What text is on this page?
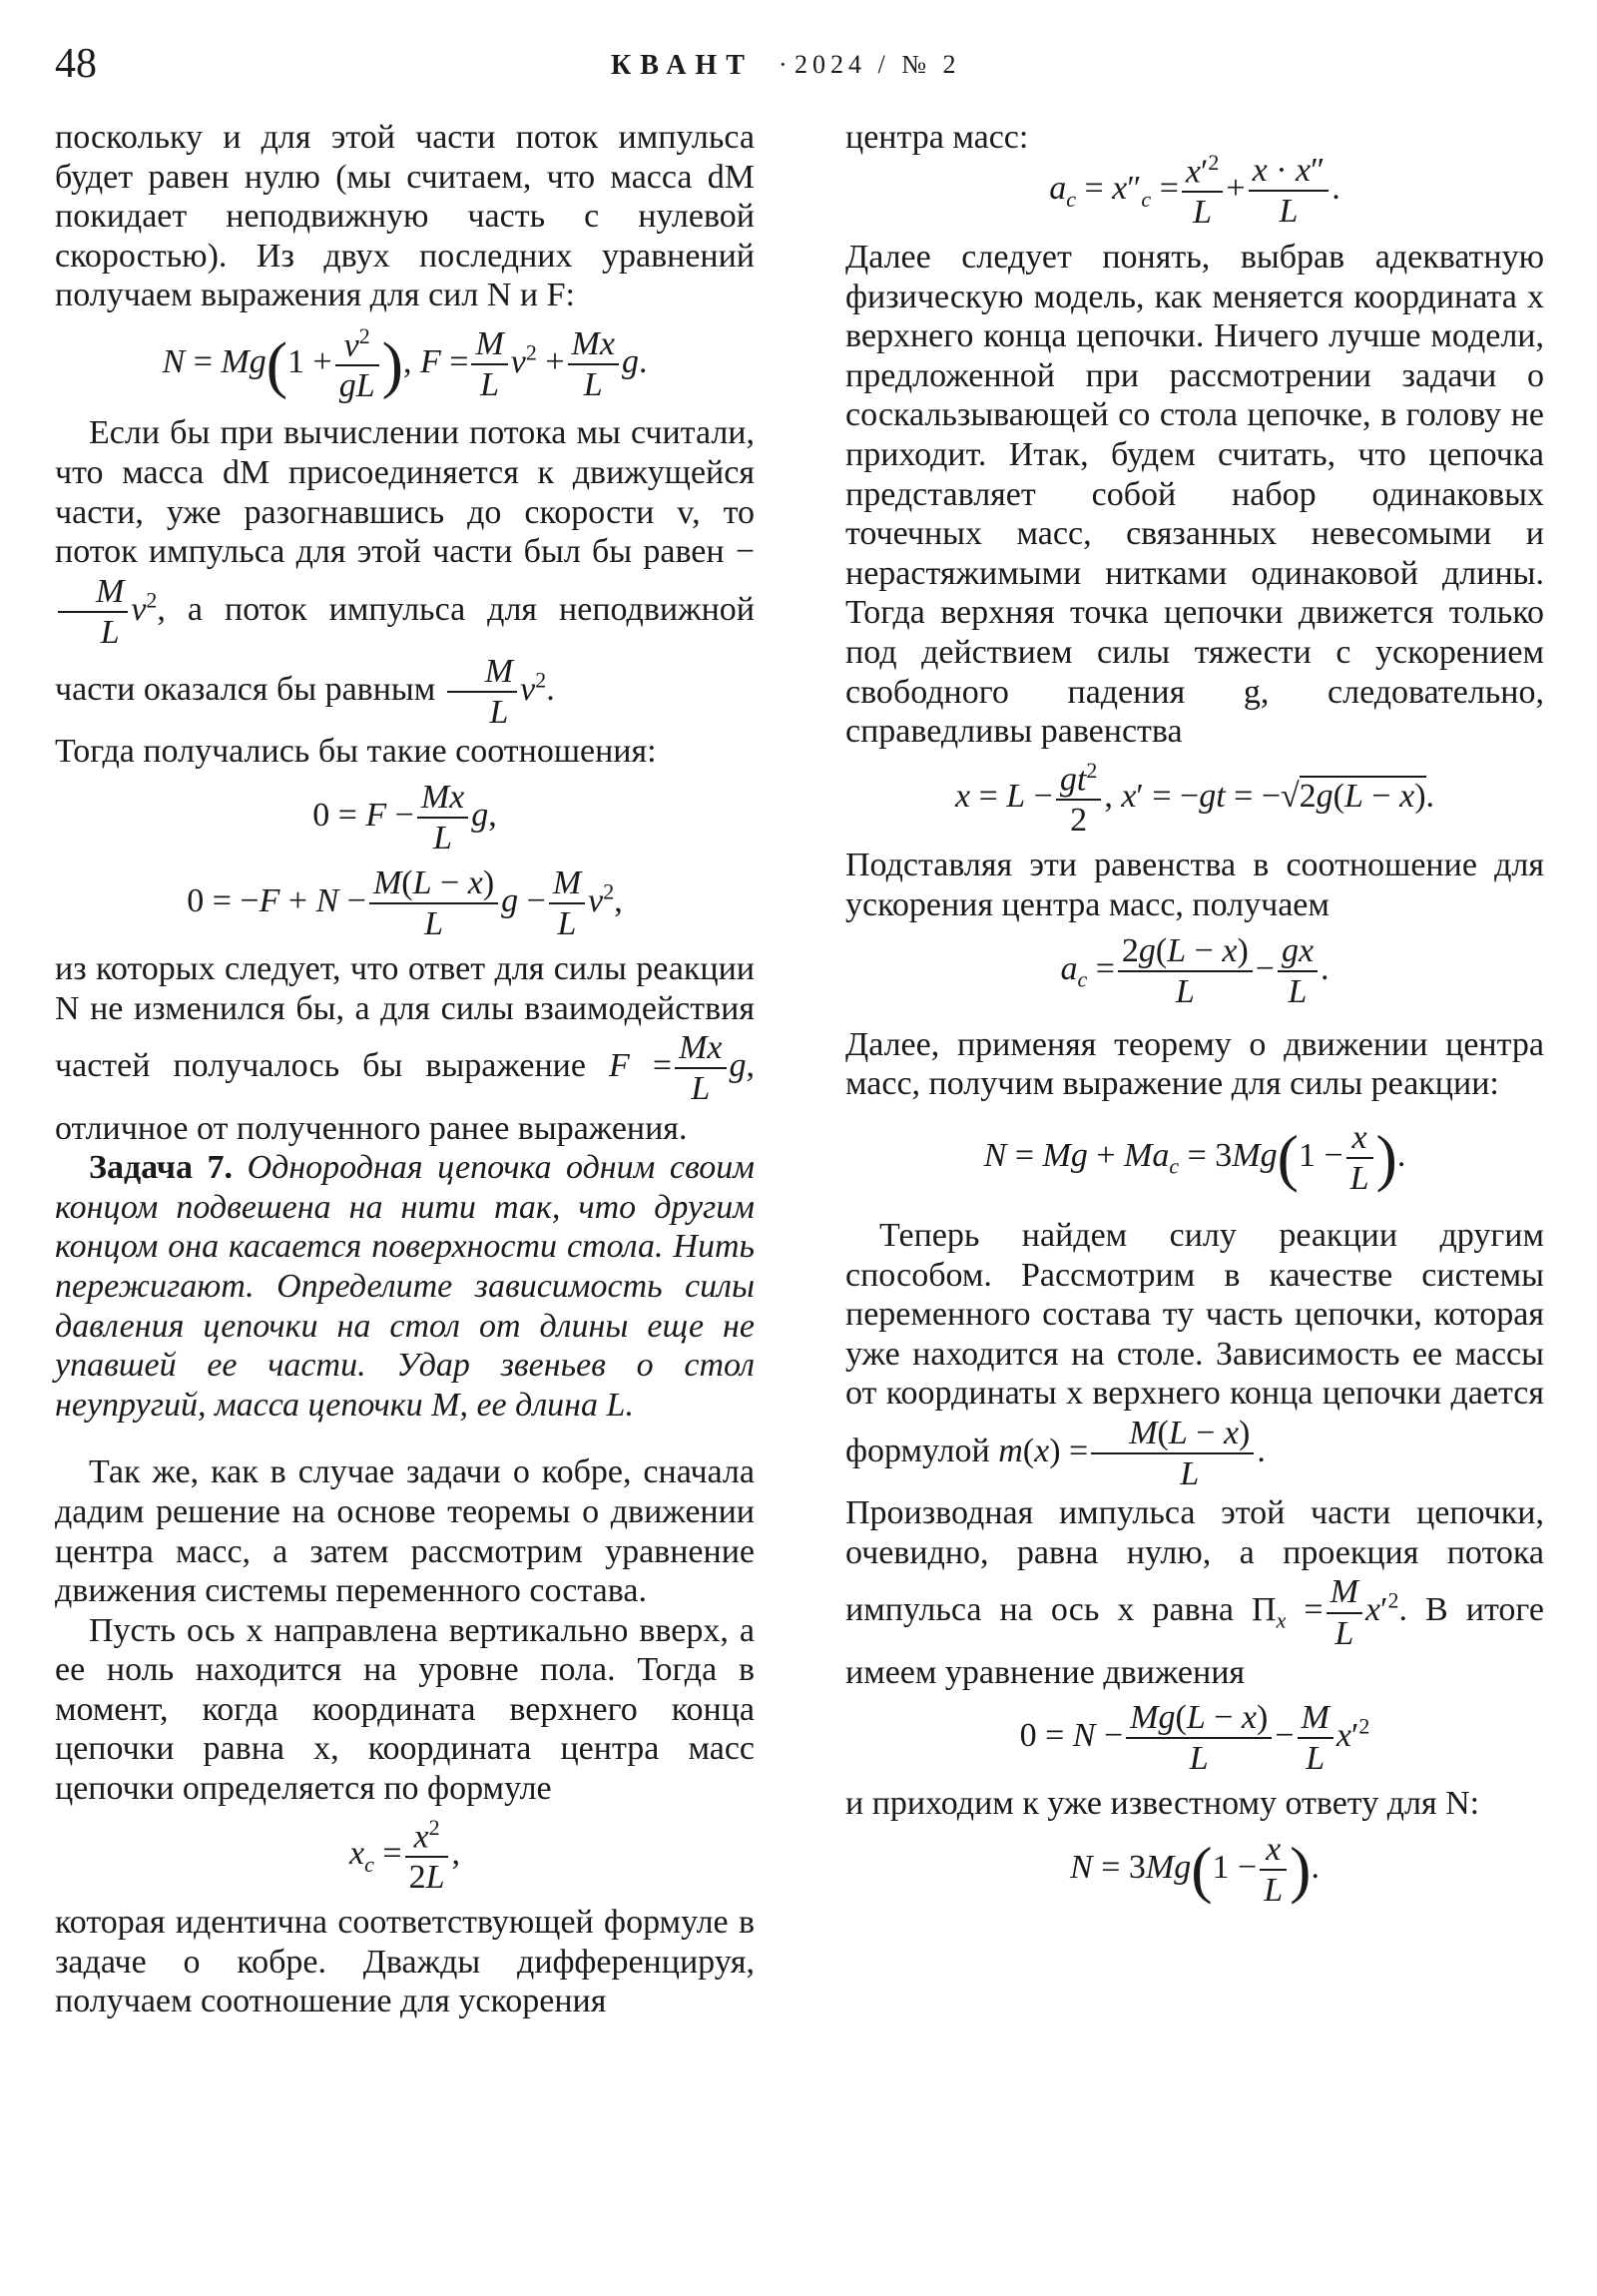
48	КВАНТ · 2024 / № 2

поскольку и для этой части поток импульса будет равен нулю (мы считаем, что масса dM покидает неподвижную часть с нулевой скоростью). Из двух последних уравнений получаем выражения для сил N и F:

$N = Mg(1 + \frac{v^2}{gL}$ ), $F = \frac{M}{L} v^2 + \frac{Mx}{L} g$.

Если бы при вычислении потока мы считали, что масса dM присоединяется к движущейся части, уже разогнавшись до скорости v, то поток импульса для этой части был бы равен −
$\frac{M}{L} v^2$, а поток импульса для неподвижной части оказался бы равным $\frac{M}{L} v^2$.

Тогда получались бы такие соотношения:

$0 = F - \frac{Mx}{L} g$,
$0 = -F + N - \frac{M(L - x)}{L}$ $g - \frac{M}{L} v^2$,

из которых следует, что ответ для силы реакции N не изменился бы, а для силы взаимодействия частей получалось бы выражение $F = \frac{Mx}{L} g$, отличное от полученного ранее выражения.

Задача 7. Однородная цепочка одним своим концом подвешена на нити так, что другим концом она касается поверхности стола. Нить пережигают. Определите зависимость силы давления цепочки на стол от длины еще не упавшей ее части. Удар звеньев о стол неупругий, масса цепочки M, ее длина L.

Так же, как в случае задачи о кобре, сначала дадим решение на основе теоремы о движении центра масс, а затем рассмотрим уравнение движения системы переменного состава.

Пусть ось x направлена вертикально вверх, а ее ноль находится на уровне пола. Тогда в момент, когда координата верхнего конца цепочки равна x, координата центра масс цепочки определяется по формуле

$x_c = \frac{x^2}{2L}$ ,

которая идентична соответствующей формуле в задаче о кобре. Дважды дифференцируя, получаем соотношение для ускорения

центра масс:

$a_c = x''_c = \frac{x'^2}{L} + \frac{x \cdot x''}{L}$ .

Далее следует понять, выбрав адекватную физическую модель, как меняется координата x верхнего конца цепочки. Ничего лучше модели, предложенной при рассмотрении задачи о соскальзывающей со стола цепочке, в голову не приходит. Итак, будем считать, что цепочка представляет собой набор одинаковых точечных масс, связанных невесомыми и нерастяжимыми нитками одинаковой длины. Тогда верхняя точка цепочки движется только под действием силы тяжести с ускорением свободного падения g, следовательно, справедливы равенства

$x = L - \frac{gt^2}{2}$ , x′ = −gt = −√2g(L − x).

Подставляя эти равенства в соотношение для ускорения центра масс, получаем

$a_c = \frac{2g(L - x)}{L} - \frac{gx}{L}$ .

Далее, применяя теорему о движении центра масс, получим выражение для силы реакции:

$N = Mg + Ma_c = 3Mg(1 - \frac{x}{L}$ ).

Теперь найдем силу реакции другим способом. Рассмотрим в качестве системы переменного состава ту часть цепочки, которая уже находится на столе. Зависимость ее массы от координаты x верхнего конца цепочки дается формулой $m(x) = \frac{M(L - x)}{L}$ .

Производная импульса этой части цепочки, очевидно, равна нулю, а проекция потока импульса на ось x равна $\Pi_x = \frac{M}{L} x'^2$. В итоге имеем уравнение движения

$0 = N - \frac{Mg(L - x)}{L} - \frac{M}{L} x'^2$

и приходим к уже известному ответу для N:

$N = 3Mg(1 - \frac{x}{L}$ ).
